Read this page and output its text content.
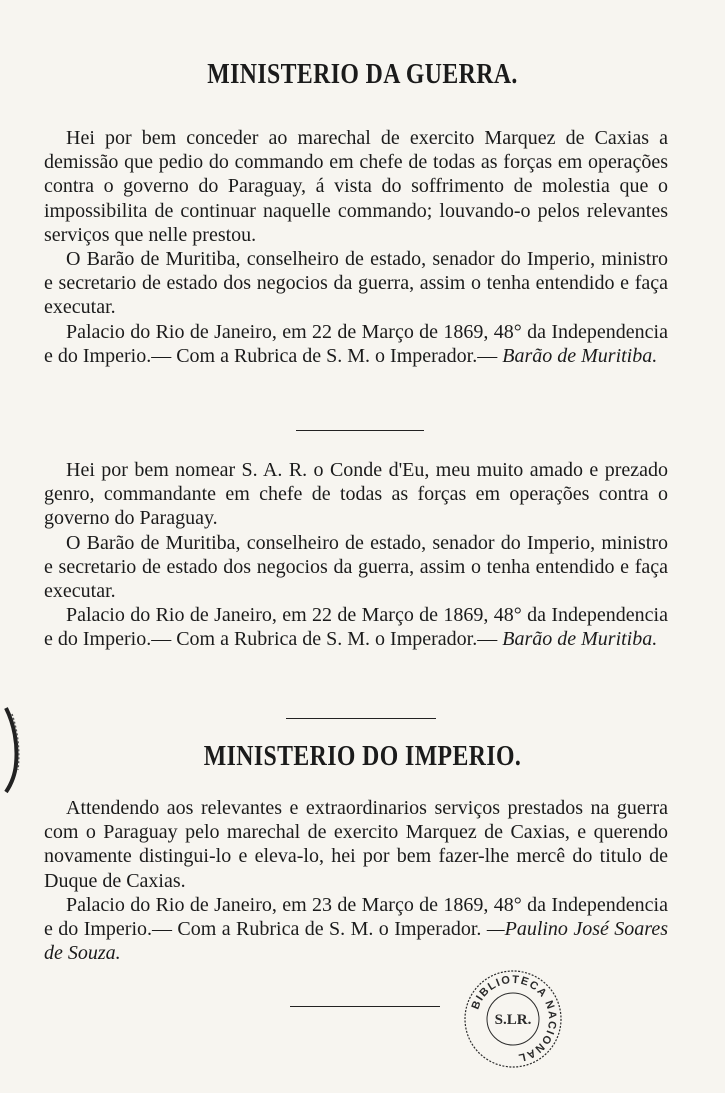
MINISTERIO DA GUERRA.

Hei por bem conceder ao marechal de exercito Marquez de Caxias a demissão que pedio do commando em chefe de todas as forças em operações contra o governo do Paraguay, á vista do soffrimento de molestia que o impossibilita de continuar naquelle commando; louvando-o pelos relevantes serviços que nelle prestou.

O Barão de Muritiba, conselheiro de estado, senador do Imperio, ministro e secretario de estado dos negocios da guerra, assim o tenha entendido e faça executar.

Palacio do Rio de Janeiro, em 22 de Março de 1869, 48° da Independencia e do Imperio.— Com a Rubrica de S. M. o Imperador.— Barão de Muritiba.

Hei por bem nomear S. A. R. o Conde d'Eu, meu muito amado e prezado genro, commandante em chefe de todas as forças em operações contra o governo do Paraguay.

O Barão de Muritiba, conselheiro de estado, senador do Imperio, ministro e secretario de estado dos negocios da guerra, assim o tenha entendido e faça executar.

Palacio do Rio de Janeiro, em 22 de Março de 1869, 48° da Independencia e do Imperio.— Com a Rubrica de S. M. o Imperador.— Barão de Muritiba.

MINISTERIO DO IMPERIO.

Attendendo aos relevantes e extraordinarios serviços prestados na guerra com o Paraguay pelo marechal de exercito Marquez de Caxias, e querendo novamente distingui-lo e eleva-lo, hei por bem fazer-lhe mercê do titulo de Duque de Caxias.

Palacio do Rio de Janeiro, em 23 de Março de 1869, 48° da Independencia e do Imperio.— Com a Rubrica de S. M. o Imperador. —Paulino José Soares de Souza.

BIBLIOTECA NACIONAL
S.LR.
